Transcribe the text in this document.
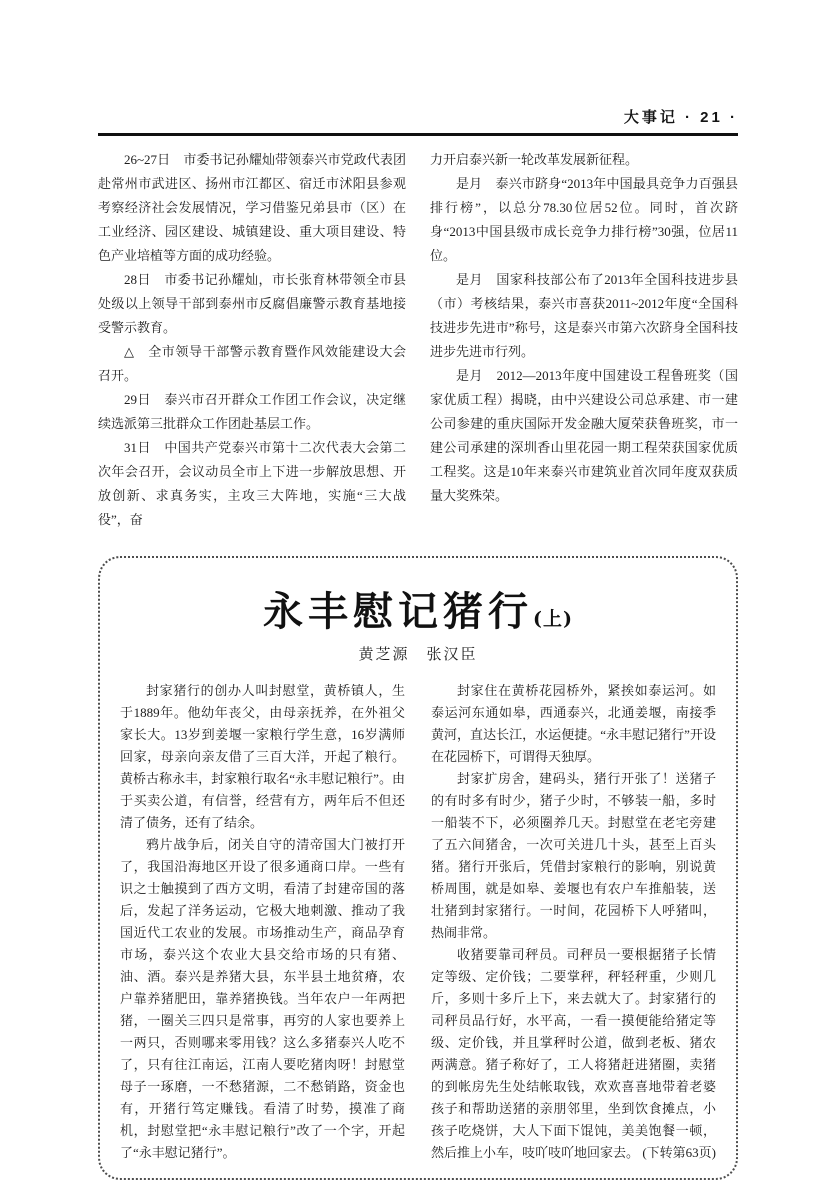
大事记 · 21 ·

26~27日　市委书记孙耀灿带领泰兴市党政代表团赴常州市武进区、扬州市江都区、宿迁市沭阳县参观考察经济社会发展情况，学习借鉴兄弟县市（区）在工业经济、园区建设、城镇建设、重大项目建设、特色产业培植等方面的成功经验。

28日　市委书记孙耀灿，市长张育林带领全市县处级以上领导干部到泰州市反腐倡廉警示教育基地接受警示教育。

△　全市领导干部警示教育暨作风效能建设大会召开。

29日　泰兴市召开群众工作团工作会议，决定继续选派第三批群众工作团赴基层工作。

31日　中国共产党泰兴市第十二次代表大会第二次年会召开，会议动员全市上下进一步解放思想、开放创新、求真务实，主攻三大阵地，实施“三大战役”，奋

力开启泰兴新一轮改革发展新征程。

是月　泰兴市跻身“2013年中国最具竞争力百强县排行榜”，以总分78.30位居52位。同时，首次跻身“2013中国县级市成长竞争力排行榜”30强，位居11位。

是月　国家科技部公布了2013年全国科技进步县（市）考核结果，泰兴市喜获2011~2012年度“全国科技进步先进市”称号，这是泰兴市第六次跻身全国科技进步先进市行列。

是月　2012—2013年度中国建设工程鲁班奖（国家优质工程）揭晓，由中兴建设公司总承建、市一建公司参建的重庆国际开发金融大厦荣获鲁班奖，市一建公司承建的深圳香山里花园一期工程荣获国家优质工程奖。这是10年来泰兴市建筑业首次同年度双获质量大奖殊荣。

永丰慰记猪行(上)
黄芝源　张汉臣

封家猪行的创办人叫封慰堂，黄桥镇人，生于1889年。他幼年丧父，由母亲抚养，在外祖父家长大。13岁到姜堰一家粮行学生意，16岁满师回家，母亲向亲友借了三百大洋，开起了粮行。黄桥古称永丰，封家粮行取名“永丰慰记粮行”。由于买卖公道，有信誉，经营有方，两年后不但还清了债务，还有了结余。

鸦片战争后，闭关自守的清帝国大门被打开了，我国沿海地区开设了很多通商口岸。一些有识之士触摸到了西方文明，看清了封建帝国的落后，发起了洋务运动，它极大地刺激、推动了我国近代工农业的发展。市场推动生产，商品孕育市场，泰兴这个农业大县交给市场的只有猪、油、酒。泰兴是养猪大县，东半县土地贫瘠，农户靠养猪肥田，靠养猪换钱。当年农户一年两把猪，一圈关三四只是常事，再穷的人家也要养上一两只，否则哪来零用钱？这么多猪泰兴人吃不了，只有往江南运，江南人要吃猪肉呀！封慰堂母子一琢磨，一不愁猪源，二不愁销路，资金也有，开猪行笃定赚钱。看清了时势，摸准了商机，封慰堂把“永丰慰记粮行”改了一个字，开起了“永丰慰记猪行”。

封家住在黄桥花园桥外，紧挨如泰运河。如泰运河东通如皋，西通泰兴，北通姜堰，南接季黄河，直达长江，水运便捷。“永丰慰记猪行”开设在花园桥下，可谓得天独厚。

封家扩房舍，建码头，猪行开张了！送猪子的有时多有时少，猪子少时，不够装一船，多时一船装不下，必须圈养几天。封慰堂在老宅旁建了五六间猪舍，一次可关进几十头，甚至上百头猪。猪行开张后，凭借封家粮行的影响，别说黄桥周围，就是如皋、姜堰也有农户车推船装，送壮猪到封家猪行。一时间，花园桥下人呼猪叫，热闹非常。

收猪要靠司秤员。司秤员一要根据猪子长情定等级、定价钱；二要掌秤，秤轻秤重，少则几斤，多则十多斤上下，来去就大了。封家猪行的司秤员品行好，水平高，一看一摸便能给猪定等级、定价钱，并且掌秤时公道，做到老板、猪农两满意。猪子称好了，工人将猪赶进猪圈，卖猪的到帐房先生处结帐取钱，欢欢喜喜地带着老婆孩子和帮助送猪的亲朋邻里，坐到饮食摊点，小孩子吃烧饼，大人下面下馄饨，美美饱餐一顿，然后推上小车，吱吖吱吖地回家去。 (下转第63页)
